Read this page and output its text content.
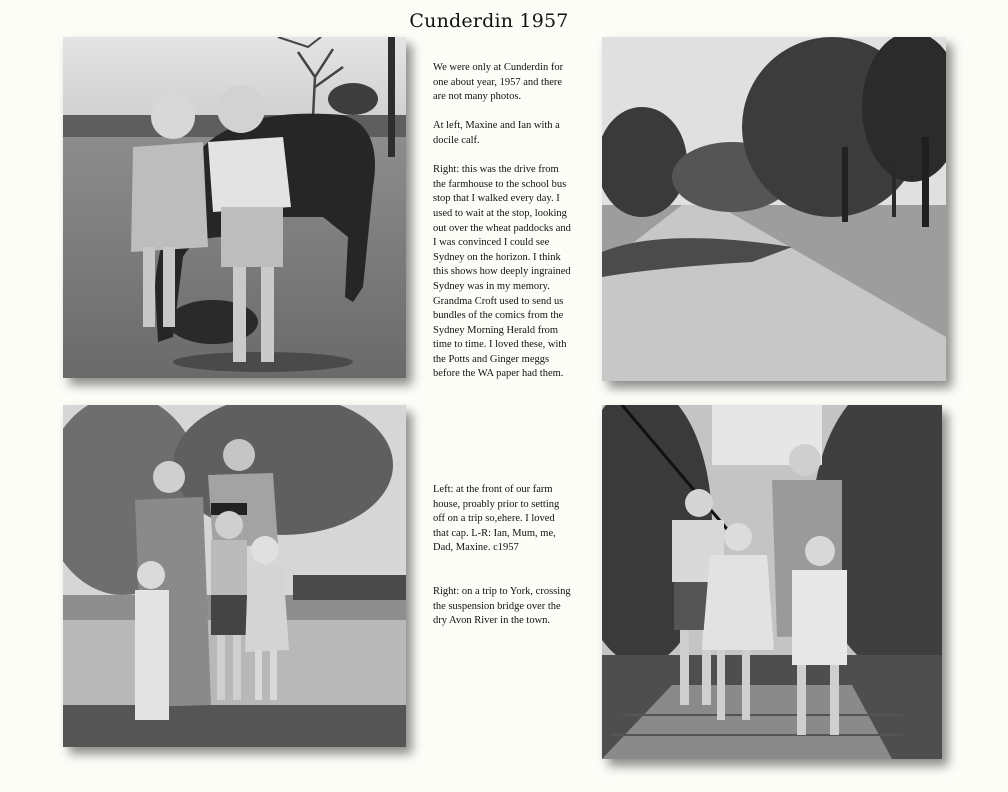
Cunderdin 1957

We were only at Cunderdin for one about year, 1957 and there are not many photos.

At left, Maxine and Ian with a docile calf.

Right: this was the drive from the farmhouse to the school bus stop that I walked every day. I used to wait at the stop, looking out over the wheat paddocks and I was convinced I could see Sydney on the horizon. I think this shows how deeply ingrained Sydney was in my memory. Grandma Croft used to send us bundles of the comics from the Sydney Morning Herald from time to time. I loved these, with the Potts and Ginger meggs before the WA paper had them.

Left: at the front of our farm house, proably prior to setting off on a trip so,ehere. I loved that cap. L-R: Ian, Mum, me, Dad, Maxine. c1957

Right: on a trip to York, crossing the suspension bridge over the dry Avon River in the town.
